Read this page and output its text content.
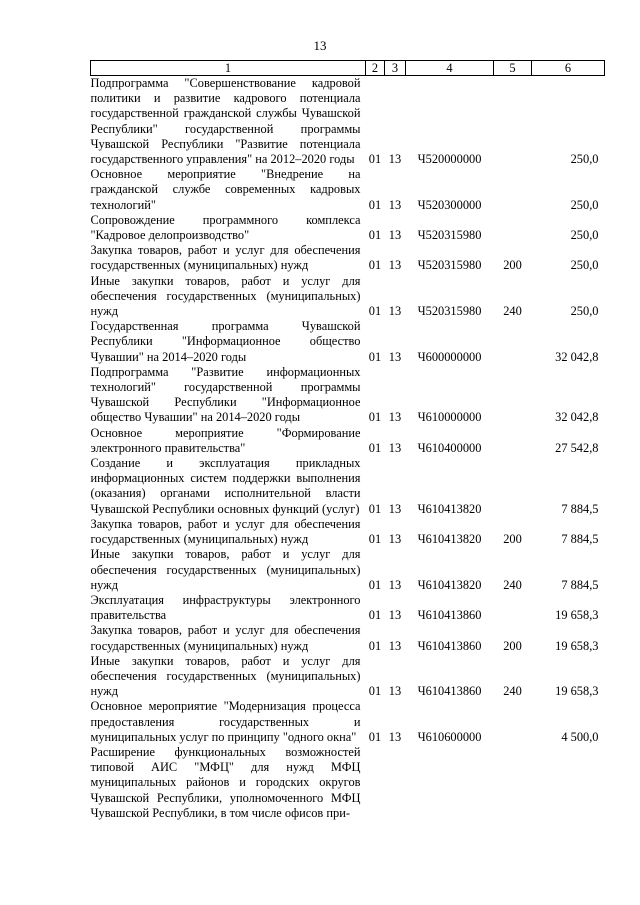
13
1	2	3	4	5	6
Подпрограмма "Совершенствование кадровой политики и развитие кадрового потенциала государственной гражданской службы Чувашской Республики" государственной программы Чувашской Республики "Развитие потенциала государственного управления" на 2012–2020 годы	01	13	Ч520000000		250,0
Основное мероприятие "Внедрение на гражданской службе современных кадровых технологий"	01	13	Ч520300000		250,0
Сопровождение программного комплекса "Кадровое делопроизводство"	01	13	Ч520315980		250,0
Закупка товаров, работ и услуг для обеспечения государственных (муниципальных) нужд	01	13	Ч520315980	200	250,0
Иные закупки товаров, работ и услуг для обеспечения государственных (муниципальных) нужд	01	13	Ч520315980	240	250,0
Государственная программа Чувашской Республики "Информационное общество Чувашии" на 2014–2020 годы	01	13	Ч600000000		32 042,8
Подпрограмма "Развитие информационных технологий" государственной программы Чувашской Республики "Информационное общество Чувашии" на 2014–2020 годы	01	13	Ч610000000		32 042,8
Основное мероприятие "Формирование электронного правительства"	01	13	Ч610400000		27 542,8
Создание и эксплуатация прикладных информационных систем поддержки выполнения (оказания) органами исполнительной власти Чувашской Республики основных функций (услуг)	01	13	Ч610413820		7 884,5
Закупка товаров, работ и услуг для обеспечения государственных (муниципальных) нужд	01	13	Ч610413820	200	7 884,5
Иные закупки товаров, работ и услуг для обеспечения государственных (муниципальных) нужд	01	13	Ч610413820	240	7 884,5
Эксплуатация инфраструктуры электронного правительства	01	13	Ч610413860		19 658,3
Закупка товаров, работ и услуг для обеспечения государственных (муниципальных) нужд	01	13	Ч610413860	200	19 658,3
Иные закупки товаров, работ и услуг для обеспечения государственных (муниципальных) нужд	01	13	Ч610413860	240	19 658,3
Основное мероприятие "Модернизация процесса предоставления государственных и муниципальных услуг по принципу "одного окна"	01	13	Ч610600000		4 500,0
Расширение функциональных возможностей типовой АИС "МФЦ" для нужд МФЦ муниципальных районов и городских округов Чувашской Республики, уполномоченного МФЦ Чувашской Республики, в том числе офисов при-					
